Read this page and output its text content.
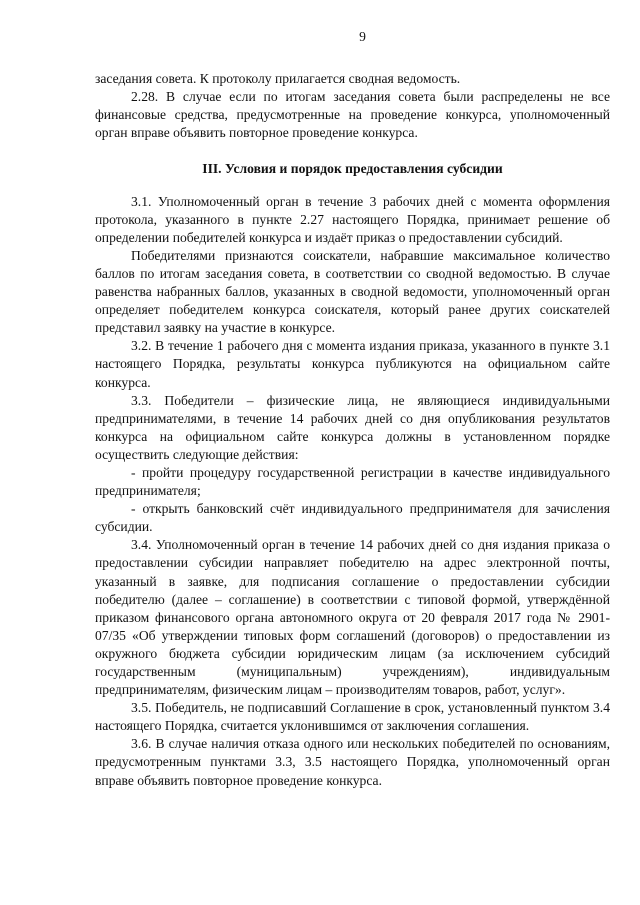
9

заседания совета. К протоколу прилагается сводная ведомость.

2.28. В случае если по итогам заседания совета были распределены не все финансовые средства, предусмотренные на проведение конкурса, уполномоченный орган вправе объявить повторное проведение конкурса.

III. Условия и порядок предоставления субсидии

3.1. Уполномоченный орган в течение 3 рабочих дней с момента оформления протокола, указанного в пункте 2.27 настоящего Порядка, принимает решение об определении победителей конкурса и издаёт приказ о предоставлении субсидий.

Победителями признаются соискатели, набравшие максимальное количество баллов по итогам заседания совета, в соответствии со сводной ведомостью. В случае равенства набранных баллов, указанных в сводной ведомости, уполномоченный орган определяет победителем конкурса соискателя, который ранее других соискателей представил заявку на участие в конкурсе.

3.2. В течение 1 рабочего дня с момента издания приказа, указанного в пункте 3.1 настоящего Порядка, результаты конкурса публикуются на официальном сайте конкурса.

3.3. Победители – физические лица, не являющиеся индивидуальными предпринимателями, в течение 14 рабочих дней со дня опубликования результатов конкурса на официальном сайте конкурса должны в установленном порядке осуществить следующие действия:

- пройти процедуру государственной регистрации в качестве индивидуального предпринимателя;

- открыть банковский счёт индивидуального предпринимателя для зачисления субсидии.

3.4. Уполномоченный орган в течение 14 рабочих дней со дня издания приказа о предоставлении субсидии направляет победителю на адрес электронной почты, указанный в заявке, для подписания соглашение о предоставлении субсидии победителю (далее – соглашение) в соответствии с типовой формой, утверждённой приказом финансового органа автономного округа от 20 февраля 2017 года № 2901-07/35 «Об утверждении типовых форм соглашений (договоров) о предоставлении из окружного бюджета субсидии юридическим лицам (за исключением субсидий государственным (муниципальным) учреждениям), индивидуальным предпринимателям, физическим лицам – производителям товаров, работ, услуг».

3.5. Победитель, не подписавший Соглашение в срок, установленный пунктом 3.4 настоящего Порядка, считается уклонившимся от заключения соглашения.

3.6. В случае наличия отказа одного или нескольких победителей по основаниям, предусмотренным пунктами 3.3, 3.5 настоящего Порядка, уполномоченный орган вправе объявить повторное проведение конкурса.
